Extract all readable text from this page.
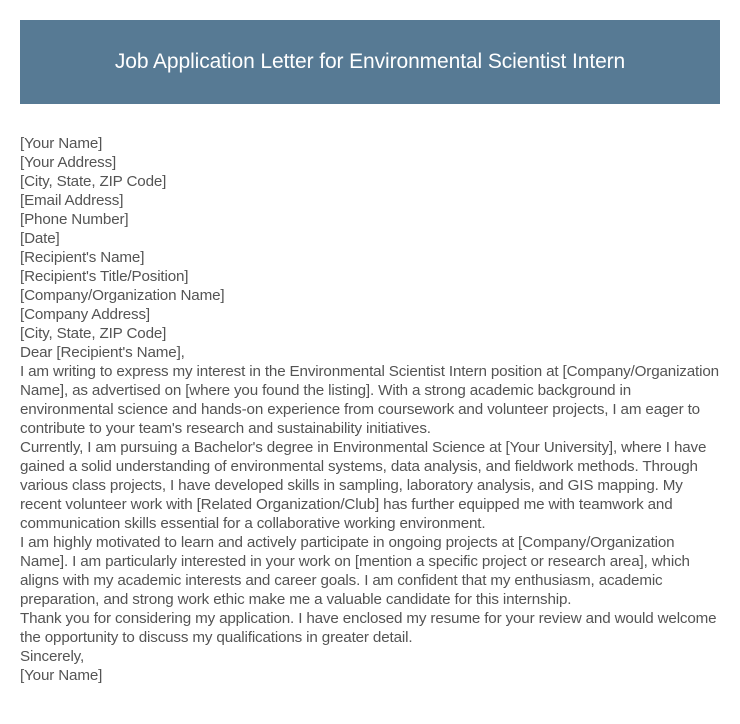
Job Application Letter for Environmental Scientist Intern
[Your Name]
[Your Address]
[City, State, ZIP Code]
[Email Address]
[Phone Number]
[Date]
[Recipient's Name]
[Recipient's Title/Position]
[Company/Organization Name]
[Company Address]
[City, State, ZIP Code]
Dear [Recipient's Name],

I am writing to express my interest in the Environmental Scientist Intern position at [Company/Organization Name], as advertised on [where you found the listing]. With a strong academic background in environmental science and hands-on experience from coursework and volunteer projects, I am eager to contribute to your team's research and sustainability initiatives.

Currently, I am pursuing a Bachelor's degree in Environmental Science at [Your University], where I have gained a solid understanding of environmental systems, data analysis, and fieldwork methods. Through various class projects, I have developed skills in sampling, laboratory analysis, and GIS mapping. My recent volunteer work with [Related Organization/Club] has further equipped me with teamwork and communication skills essential for a collaborative working environment.

I am highly motivated to learn and actively participate in ongoing projects at [Company/Organization Name]. I am particularly interested in your work on [mention a specific project or research area], which aligns with my academic interests and career goals. I am confident that my enthusiasm, academic preparation, and strong work ethic make me a valuable candidate for this internship.

Thank you for considering my application. I have enclosed my resume for your review and would welcome the opportunity to discuss my qualifications in greater detail.

Sincerely,
[Your Name]
